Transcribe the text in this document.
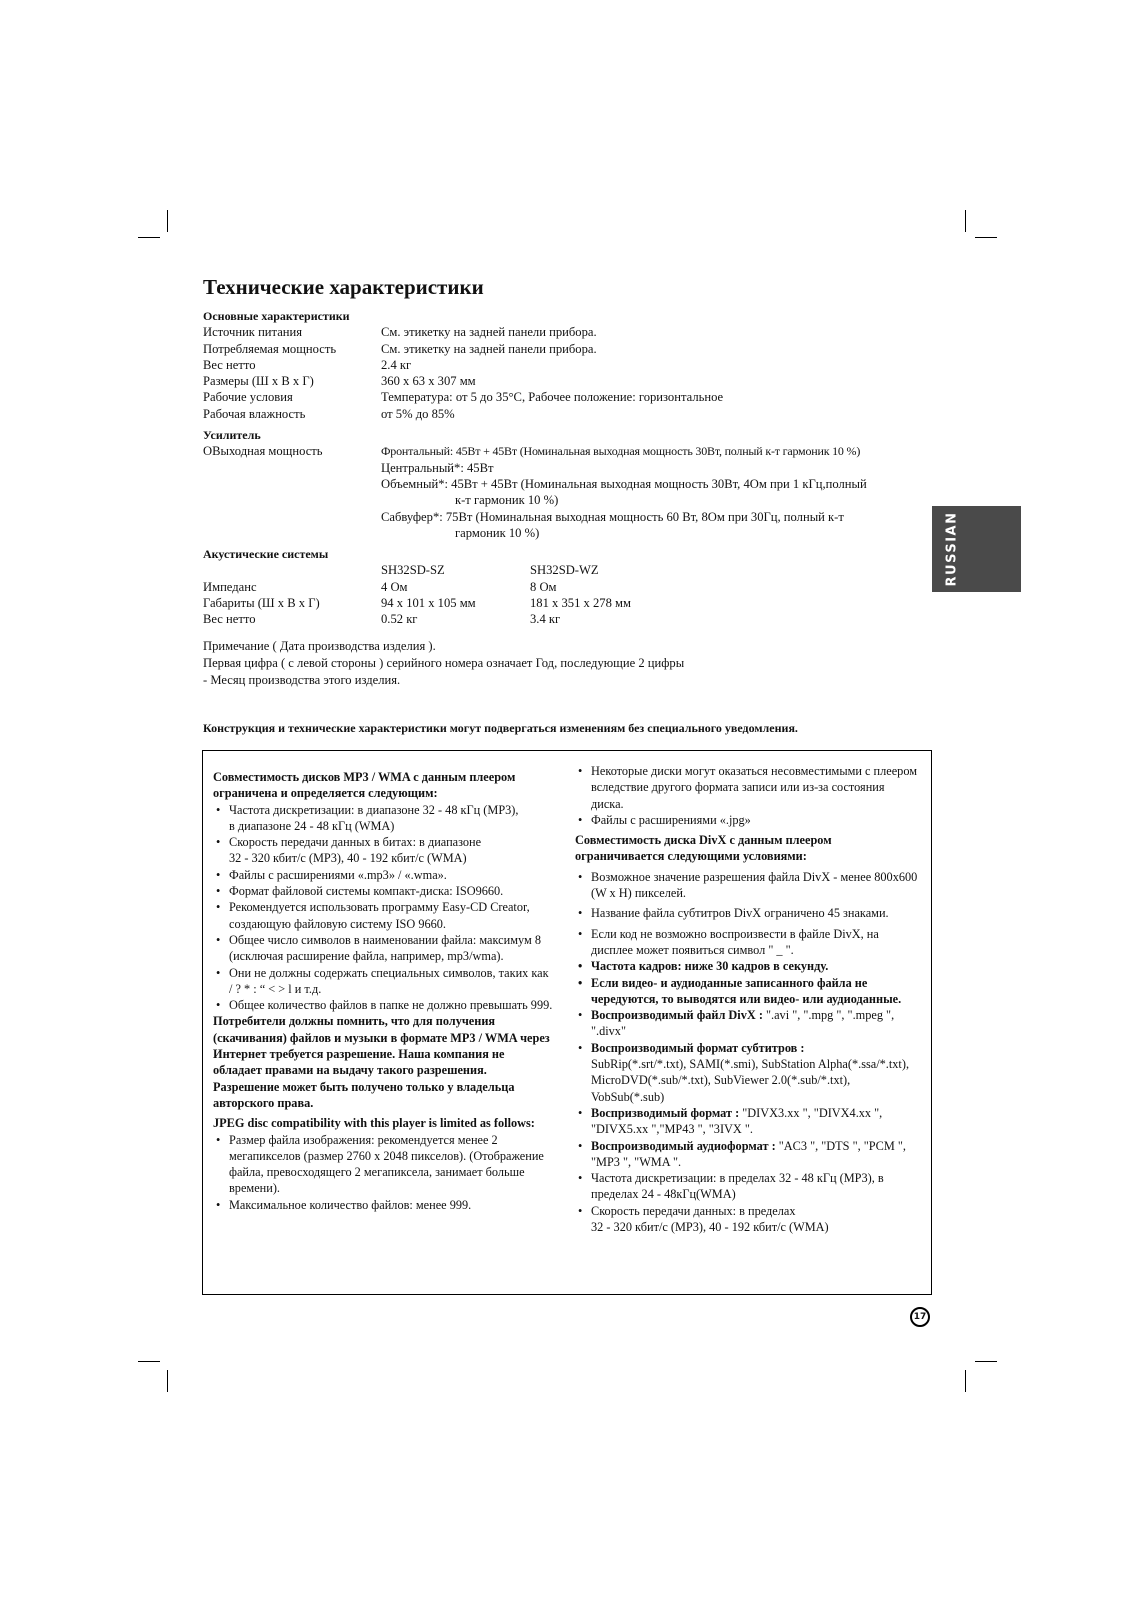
Технические характеристики
Основные характеристики
Источник питания	См. этикетку на задней панели прибора.
Потребляемая мощность	См. этикетку на задней панели прибора.
Вес нетто	2.4 кг
Размеры (Ш x В x Г)	360 x 63 x 307 мм
Рабочие условия	Температура: от 5 до 35°C, Рабочее положение: горизонтальное
Рабочая влажность	от 5% до 85%
Усилитель
ОВыходная мощность	Фронтальный: 45Вт + 45Вт (Номинальная выходная мощность 30Вт, полный к-т гармоник 10 %)
Центральный*: 45Вт
Объемный*: 45Вт + 45Вт (Номинальная выходная мощность 30Вт, 4Ом при 1 кГц,полный
к-т гармоник 10 %)
Сабвуфер*: 75Вт (Номинальная выходная мощность 60 Вт, 8Ом при 30Гц, полный к-т
гармоник 10 %)
Акустические системы
SH32SD-SZ	SH32SD-WZ
Импеданс	4 Ом	8 Ом
Габариты (Ш x В x Г)	94 x 101 x 105 мм	181 x 351 x 278 мм
Вес нетто	0.52 кг	3.4 кг
Примечание ( Дата производства изделия ).
Первая цифра ( с левой стороны ) серийного номера означает Год, последующие 2 цифры
- Месяц производства этого изделия.
Конструкция и технические характеристики могут подвергаться изменениям без специального уведомления.
RUSSIAN

Совместимость дисков MP3 / WMA с данным плеером ограничена и определяется следующим:

• Частота дискретизации: в диапазоне 32 - 48 кГц (MP3),
в диапазоне 24 - 48 кГц (WMA)

• Скорость передачи данных в битах: в диапазоне
32 - 320 кбит/с (MP3), 40 - 192 кбит/с (WMA)

• Файлы с расширениями «.mp3» / «.wma».

• Формат файловой системы компакт-диска: ISO9660.

• Рекомендуется использовать программу Easy-CD Creator, создающую файловую систему ISO 9660.

• Общее число символов в наименовании файла: максимум 8 (исключая расширение файла, например, mp3/wma).

• Они не должны содержать специальных символов, таких как / ? * : “ < > l и т.д.

• Общее количество файлов в папке не должно превышать 999.

Потребители должны помнить, что для получения (скачивания) файлов и музыки в формате MP3 / WMA через Интернет требуется разрешение. Наша компания не обладает правами на выдачу такого разрешения. Разрешение может быть получено только у владельца авторского права.

JPEG disc compatibility with this player is limited as follows:

• Размер файла изображения: рекомендуется менее 2 мегапикселов (размер 2760 x 2048 пикселов). (Отображение файла, превосходящего 2 мегапиксела, занимает больше времени).

• Максимальное количество файлов: менее 999.

• Некоторые диски могут оказаться несовместимыми с плеером вследствие другого формата записи или из-за состояния диска.

• Файлы с расширениями «.jpg»

Совместимость диска DivX с данным плеером ограничивается следующими условиями:

• Возможное значение разрешения файла DivX - менее 800x600 (W x H) пикселей.

• Название файла субтитров DivX ограничено 45 знаками.

• Если код не возможно воспроизвести в файле DivX, на дисплее может появиться символ " _ ".

• Частота кадров: ниже 30 кадров в секунду.

• Если видео- и аудиоданные записанного файла не чередуются, то выводятся или видео- или аудиоданные.

• Воспроизводимый файл DivX : ".avi ", ".mpg ", ".mpeg ", ".divx"

• Воспроизводимый формат субтитров :
SubRip(*.srt/*.txt), SAMI(*.smi), SubStation Alpha(*.ssa/*.txt), MicroDVD(*.sub/*.txt), SubViewer 2.0(*.sub/*.txt), VobSub(*.sub)

• Воспризводимый формат : "DIVX3.xx ", "DIVX4.xx ", "DIVX5.xx ","MP43 ", "3IVX ".

• Воспроизводимый аудиоформат : "AC3 ", "DTS ", "PCM ", "MP3 ", "WMA ".

• Частота дискретизации: в пределах 32 - 48 кГц (MP3), в пределах 24 - 48кГц(WMA)

• Скорость передачи данных: в пределах
32 - 320 кбит/с (MP3), 40 - 192 кбит/с (WMA)

17
